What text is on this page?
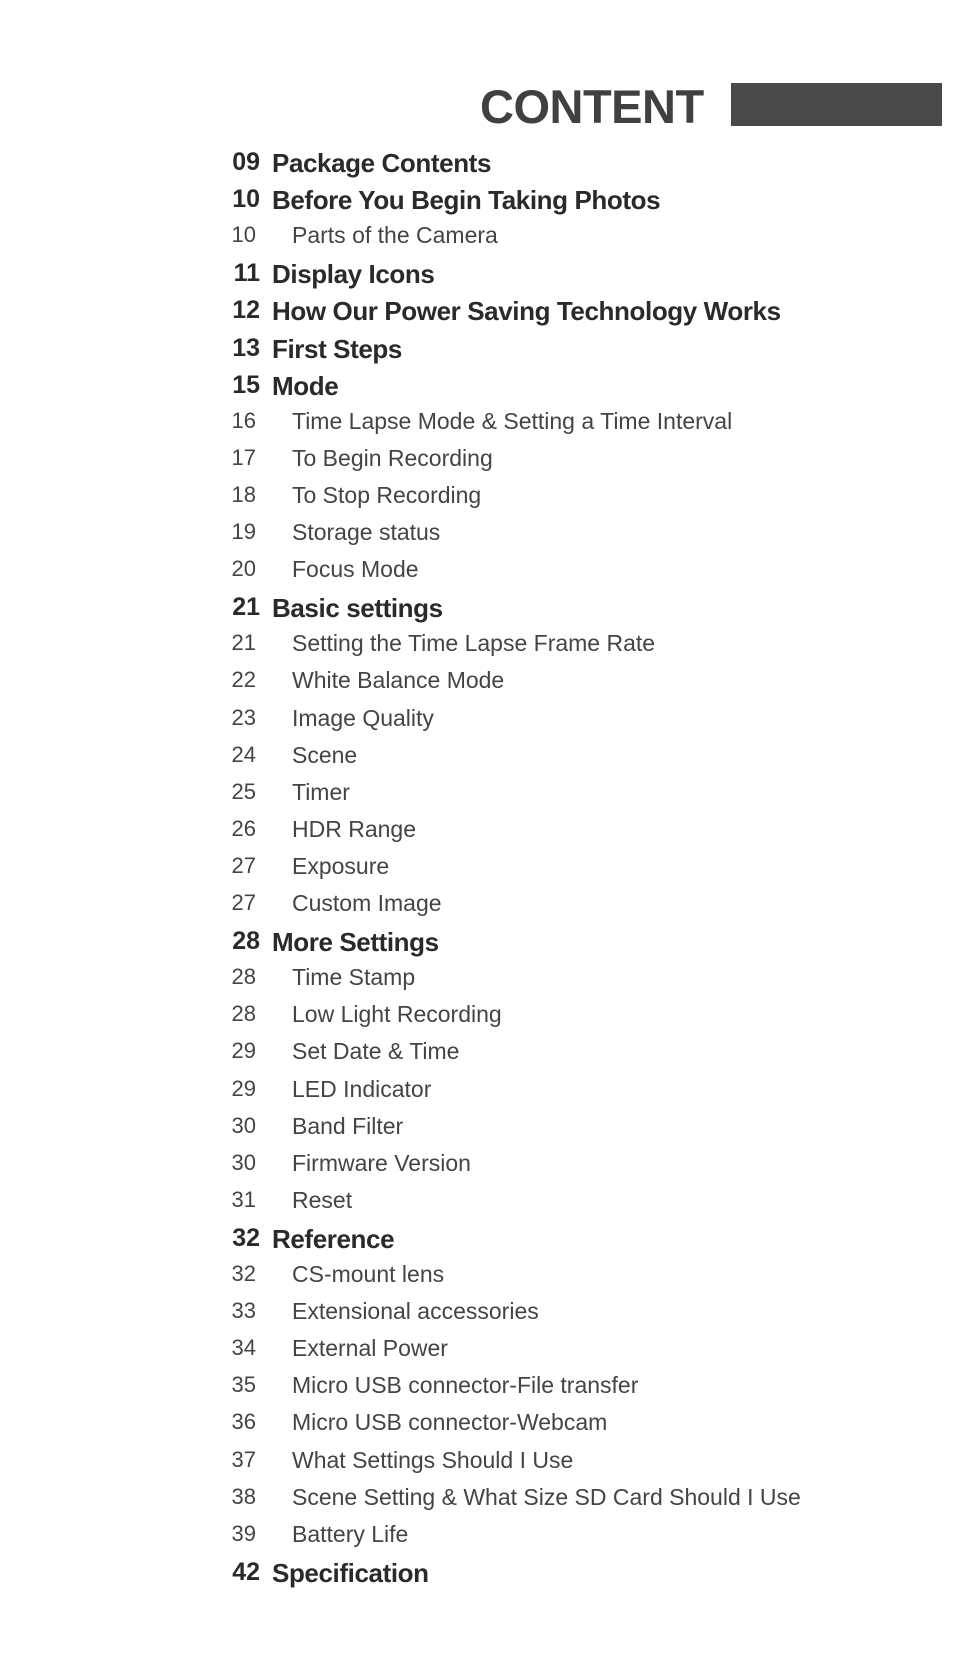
CONTENT
09 Package Contents
10 Before You Begin Taking Photos
10 Parts of the Camera
11 Display Icons
12 How Our Power Saving Technology Works
13 First Steps
15 Mode
16 Time Lapse Mode & Setting a Time Interval
17 To Begin Recording
18 To Stop Recording
19 Storage status
20 Focus Mode
21 Basic settings
21 Setting the Time Lapse Frame Rate
22 White Balance Mode
23 Image Quality
24 Scene
25 Timer
26 HDR Range
27 Exposure
27 Custom Image
28 More Settings
28 Time Stamp
28 Low Light Recording
29 Set Date & Time
29 LED Indicator
30 Band Filter
30 Firmware Version
31 Reset
32 Reference
32 CS-mount lens
33 Extensional accessories
34 External Power
35 Micro USB connector-File transfer
36 Micro USB connector-Webcam
37 What Settings Should I Use
38 Scene Setting & What Size SD Card Should I Use
39 Battery Life
42 Specification
